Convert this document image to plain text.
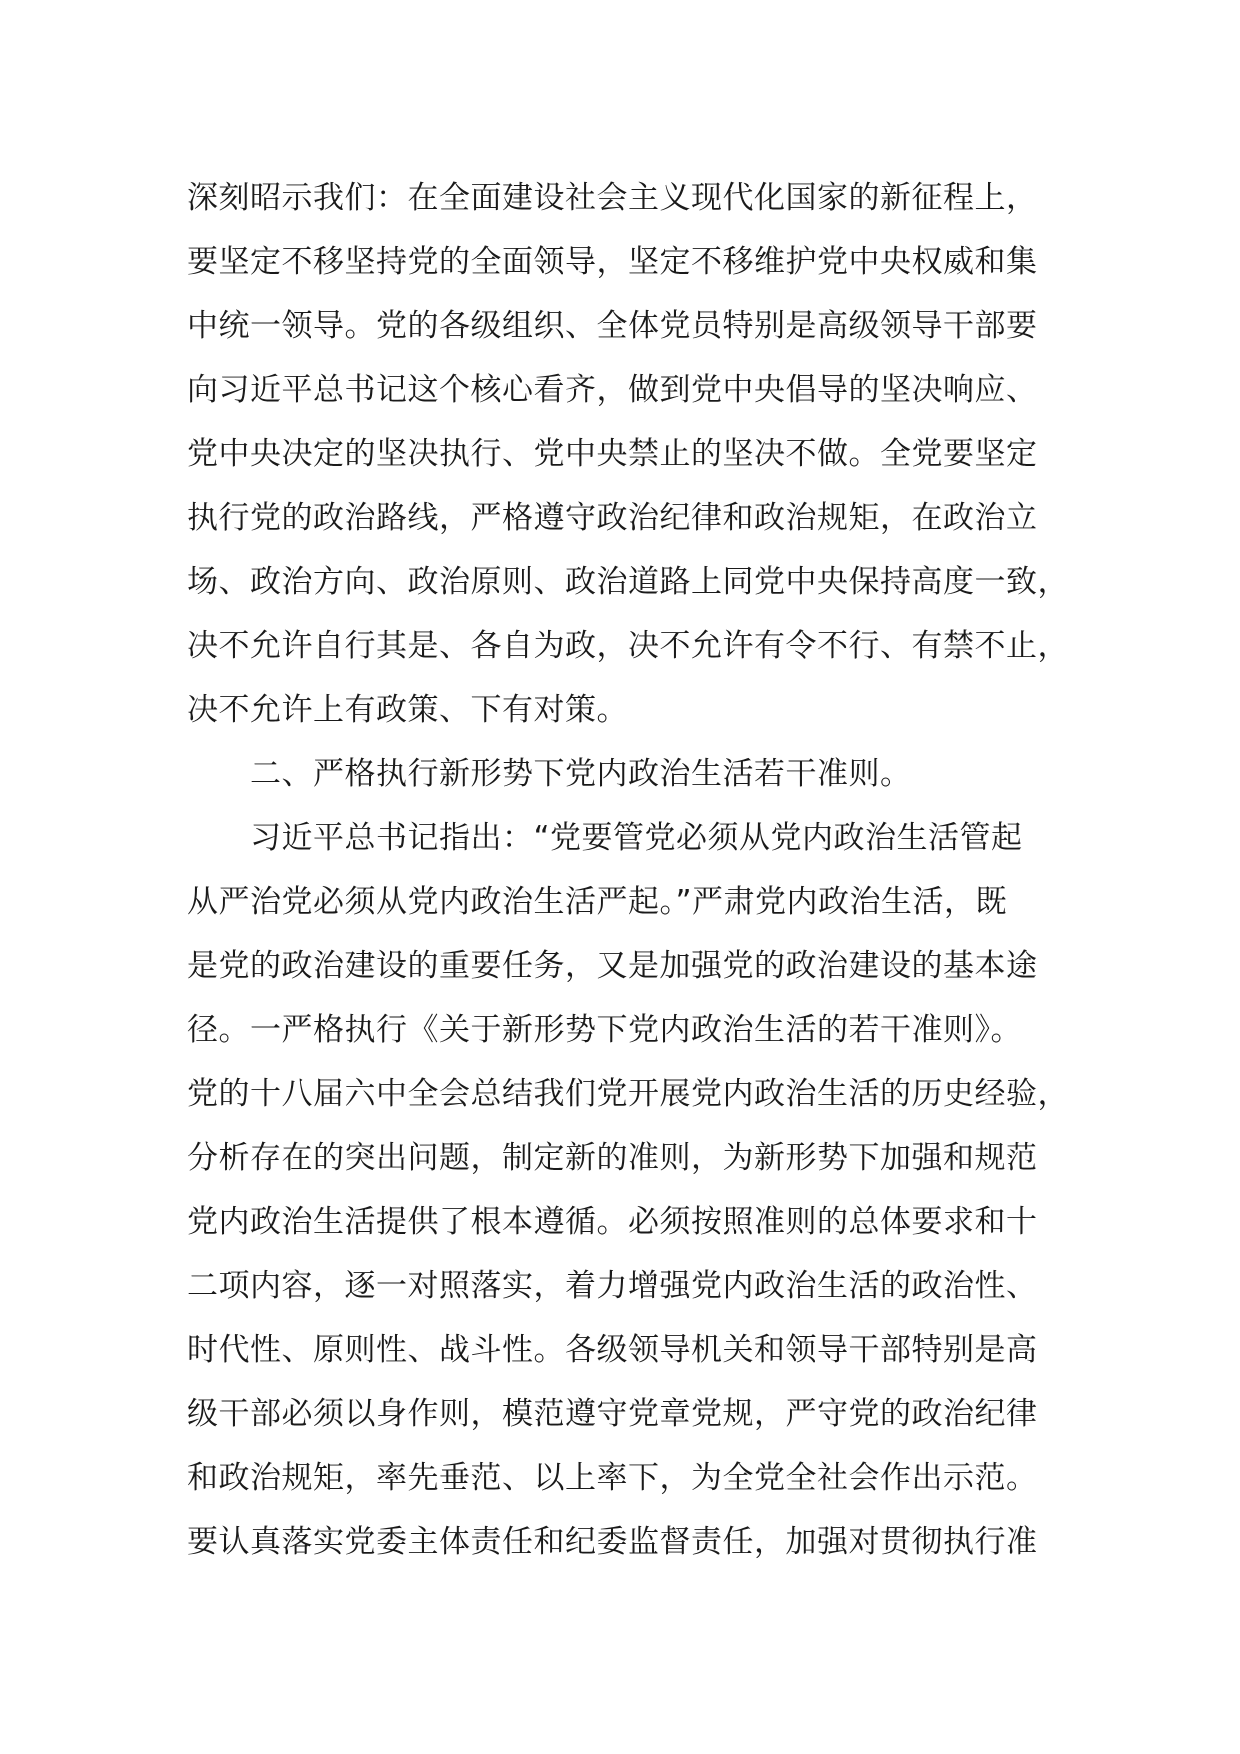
深刻昭示我们：在全面建设社会主义现代化国家的新征程上，
要坚定不移坚持党的全面领导，坚定不移维护党中央权威和集
中统一领导。党的各级组织、全体党员特别是高级领导干部要
向习近平总书记这个核心看齐，做到党中央倡导的坚决响应、
党中央决定的坚决执行、党中央禁止的坚决不做。全党要坚定
执行党的政治路线，严格遵守政治纪律和政治规矩，在政治立
场、政治方向、政治原则、政治道路上同党中央保持高度一致，
决不允许自行其是、各自为政，决不允许有令不行、有禁不止，
决不允许上有政策、下有对策。
二、严格执行新形势下党内政治生活若干准则。
习近平总书记指出：“党要管党必须从党内政治生活管起
从严治党必须从党内政治生活严起。”严肃党内政治生活，既
是党的政治建设的重要任务，又是加强党的政治建设的基本途
径。一严格执行《关于新形势下党内政治生活的若干准则》。
党的十八届六中全会总结我们党开展党内政治生活的历史经验，
分析存在的突出问题，制定新的准则，为新形势下加强和规范
党内政治生活提供了根本遵循。必须按照准则的总体要求和十
二项内容，逐一对照落实，着力增强党内政治生活的政治性、
时代性、原则性、战斗性。各级领导机关和领导干部特别是高
级干部必须以身作则，模范遵守党章党规，严守党的政治纪律
和政治规矩，率先垂范、以上率下，为全党全社会作出示范。
要认真落实党委主体责任和纪委监督责任，加强对贯彻执行准
